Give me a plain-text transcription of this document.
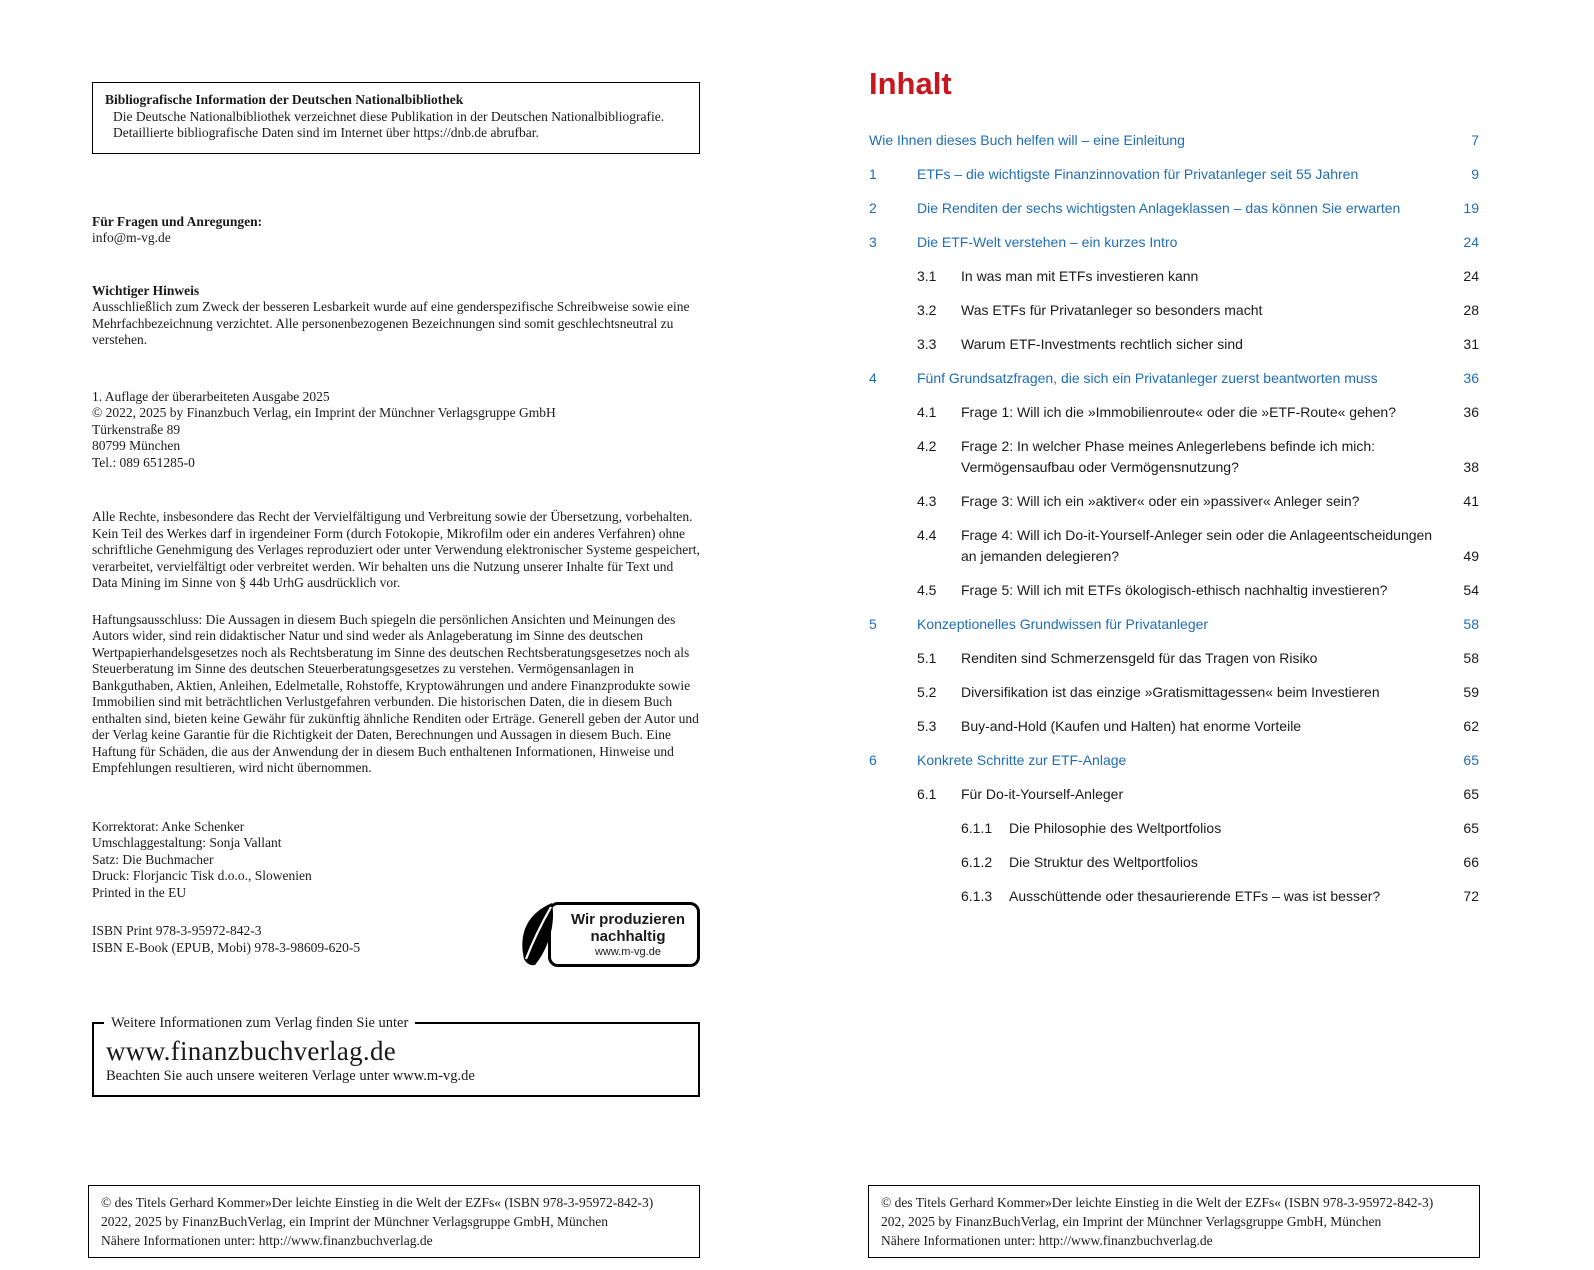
Bibliografische Information der Deutschen Nationalbibliothek

Die Deutsche Nationalbibliothek verzeichnet diese Publikation in der Deutschen Nationalbibliografie.

Detaillierte bibliografische Daten sind im Internet über https://dnb.de abrufbar.

Für Fragen und Anregungen:

info@m-vg.de

Wichtiger Hinweis

Ausschließlich zum Zweck der besseren Lesbarkeit wurde auf eine genderspezifische Schreibweise sowie eine Mehrfachbezeichnung verzichtet. Alle personenbezogenen Bezeichnungen sind somit geschlechtsneutral zu verstehen.

1. Auflage der überarbeiteten Ausgabe 2025

© 2022, 2025 by Finanzbuch Verlag, ein Imprint der Münchner Verlagsgruppe GmbH

Türkenstraße 89

80799 München

Tel.: 089 651285-0

Alle Rechte, insbesondere das Recht der Vervielfältigung und Verbreitung sowie der Übersetzung, vorbehalten. Kein Teil des Werkes darf in irgendeiner Form (durch Fotokopie, Mikrofilm oder ein anderes Verfahren) ohne schriftliche Genehmigung des Verlages reproduziert oder unter Verwendung elektronischer Systeme gespeichert, verarbeitet, vervielfältigt oder verbreitet werden. Wir behalten uns die Nutzung unserer Inhalte für Text und Data Mining im Sinne von § 44b UrhG ausdrücklich vor.

Haftungsausschluss: Die Aussagen in diesem Buch spiegeln die persönlichen Ansichten und Meinungen des Autors wider, sind rein didaktischer Natur und sind weder als Anlageberatung im Sinne des deutschen Wertpapierhandelsgesetzes noch als Rechtsberatung im Sinne des deutschen Rechtsberatungsgesetzes noch als Steuerberatung im Sinne des deutschen Steuerberatungsgesetzes zu verstehen. Vermögensanlagen in Bankguthaben, Aktien, Anleihen, Edelmetalle, Rohstoffe, Kryptowährungen und andere Finanzprodukte sowie Immobilien sind mit beträchtlichen Verlustgefahren verbunden. Die historischen Daten, die in diesem Buch enthalten sind, bieten keine Gewähr für zukünftig ähnliche Renditen oder Erträge. Generell geben der Autor und der Verlag keine Garantie für die Richtigkeit der Daten, Berechnungen und Aussagen in diesem Buch. Eine Haftung für Schäden, die aus der Anwendung der in diesem Buch enthaltenen Informationen, Hinweise und Empfehlungen resultieren, wird nicht übernommen.

Korrektorat: Anke Schenker

Umschlaggestaltung: Sonja Vallant

Satz: Die Buchmacher

Druck: Florjancic Tisk d.o.o., Slowenien

Printed in the EU

ISBN Print 978-3-95972-842-3

ISBN E-Book (EPUB, Mobi) 978-3-98609-620-5

Wir produzieren
nachhaltig
www.m-vg.de
Weitere Informationen zum Verlag finden Sie unter

www.finanzbuchverlag.de

Beachten Sie auch unsere weiteren Verlage unter www.m-vg.de

© des Titels Gerhard Kommer»Der leichte Einstieg in die Welt der EZFs« (ISBN 978-3-95972-842-3)

2022, 2025 by FinanzBuchVerlag, ein Imprint der Münchner Verlagsgruppe GmbH, München

Nähere Informationen unter: http://www.finanzbuchverlag.de

Inhalt
Wie Ihnen dieses Buch helfen will – eine Einleitung	7
1	ETFs – die wichtigste Finanzinnovation für Privatanleger seit 55 Jahren	9
2	Die Renditen der sechs wichtigsten Anlageklassen – das können Sie erwarten	19
3	Die ETF-Welt verstehen – ein kurzes Intro	24
3.1	In was man mit ETFs investieren kann	24
3.2	Was ETFs für Privatanleger so besonders macht	28
3.3	Warum ETF-Investments rechtlich sicher sind	31
4	Fünf Grundsatzfragen, die sich ein Privatanleger zuerst beantworten muss	36
4.1	Frage 1: Will ich die »Immobilienroute« oder die »ETF-Route« gehen?	36
4.2	Frage 2: In welcher Phase meines Anlegerlebens befinde ich mich: Vermögensaufbau oder Vermögensnutzung?	38
4.3	Frage 3: Will ich ein »aktiver« oder ein »passiver« Anleger sein?	41
4.4	Frage 4: Will ich Do-it-Yourself-Anleger sein oder die Anlageentscheidungen an jemanden delegieren?	49
4.5	Frage 5: Will ich mit ETFs ökologisch-ethisch nachhaltig investieren?	54
5	Konzeptionelles Grundwissen für Privatanleger	58
5.1	Renditen sind Schmerzensgeld für das Tragen von Risiko	58
5.2	Diversifikation ist das einzige »Gratismittagessen« beim Investieren	59
5.3	Buy-and-Hold (Kaufen und Halten) hat enorme Vorteile	62
6	Konkrete Schritte zur ETF-Anlage	65
6.1	Für Do-it-Yourself-Anleger	65
6.1.1	Die Philosophie des Weltportfolios	65
6.1.2	Die Struktur des Weltportfolios	66
6.1.3	Ausschüttende oder thesaurierende ETFs – was ist besser?	72

© des Titels Gerhard Kommer»Der leichte Einstieg in die Welt der EZFs« (ISBN 978-3-95972-842-3)

202, 2025 by FinanzBuchVerlag, ein Imprint der Münchner Verlagsgruppe GmbH, München

Nähere Informationen unter: http://www.finanzbuchverlag.de
